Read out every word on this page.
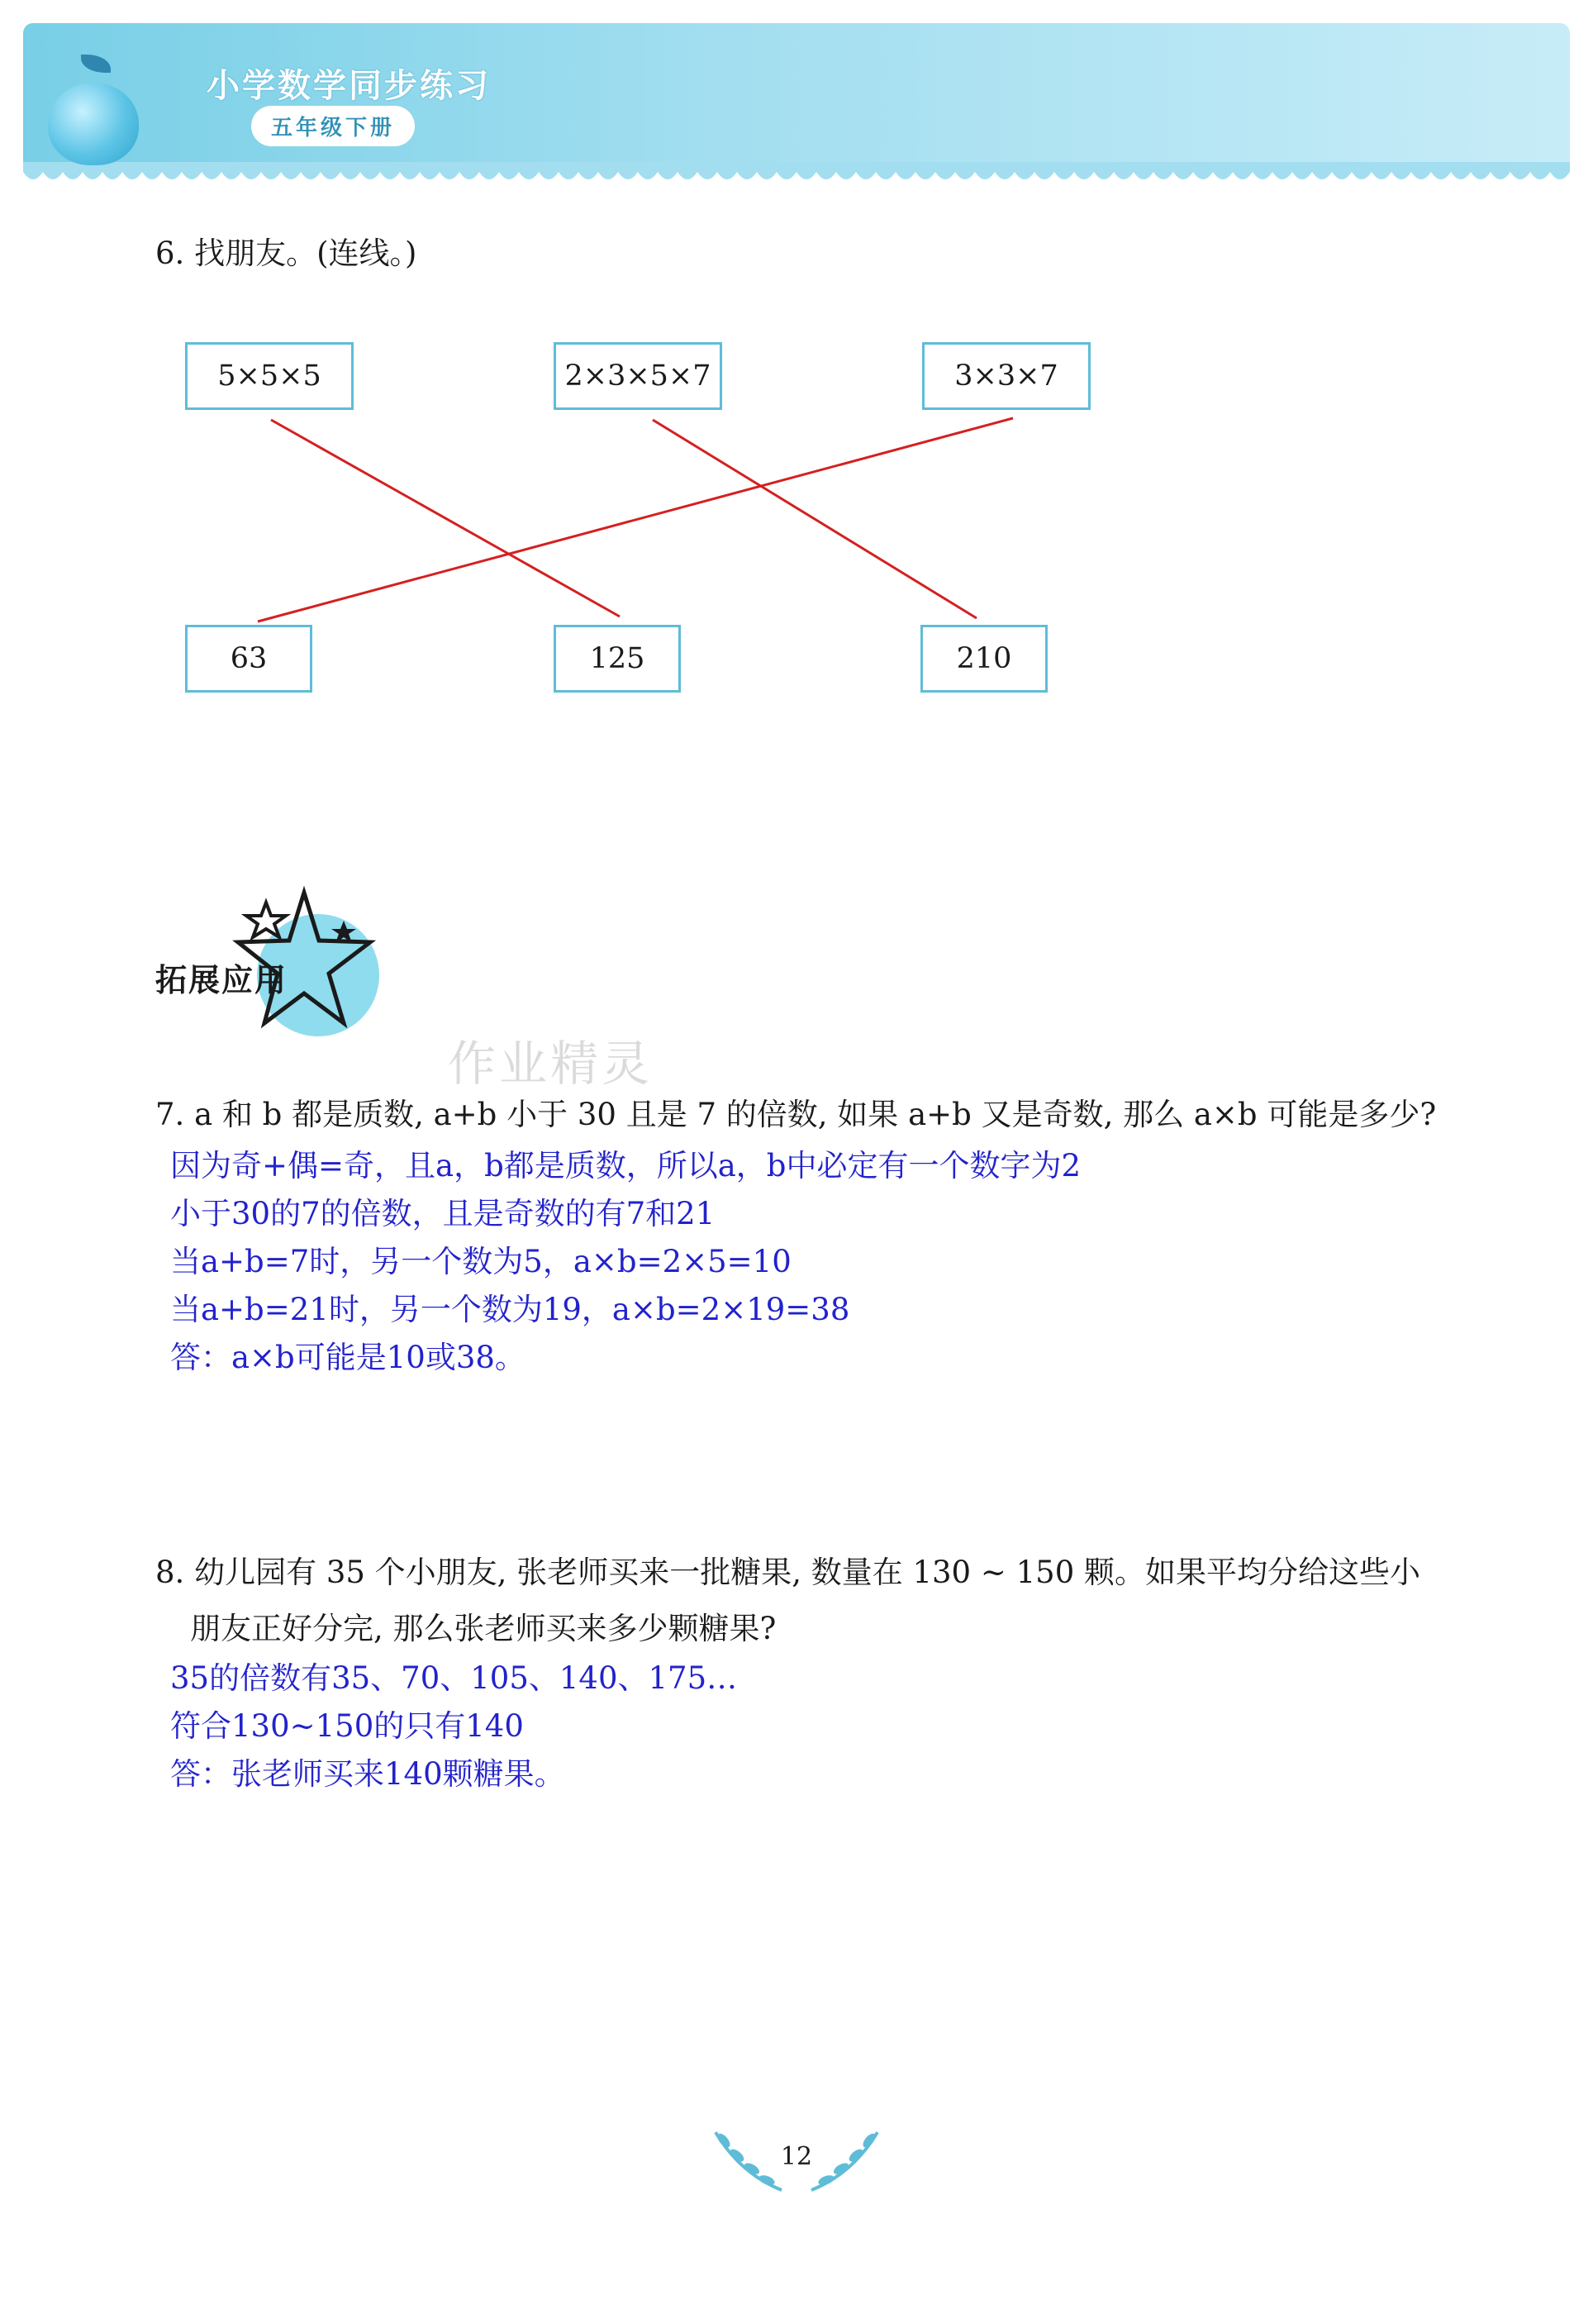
小学数学同步练习
五年级下册
6. 找朋友。(连线。)

5×5×5	2×3×5×7	3×3×7
63	125	210
拓展应用
作业精灵
7. a 和 b 都是质数, a+b 小于 30 且是 7 的倍数, 如果 a+b 又是奇数, 那么 a×b 可能是多少?
因为奇+偶=奇，且a，b都是质数，所以a，b中必定有一个数字为2
小于30的7的倍数，且是奇数的有7和21
当a+b=7时，另一个数为5，a×b=2×5=10
当a+b=21时，另一个数为19，a×b=2×19=38
答：a×b可能是10或38。
8. 幼儿园有 35 个小朋友, 张老师买来一批糖果, 数量在 130 ~ 150 颗。如果平均分给这些小
朋友正好分完, 那么张老师买来多少颗糖果?
35的倍数有35、70、105、140、175…
符合130~150的只有140
答：张老师买来140颗糖果。
12
